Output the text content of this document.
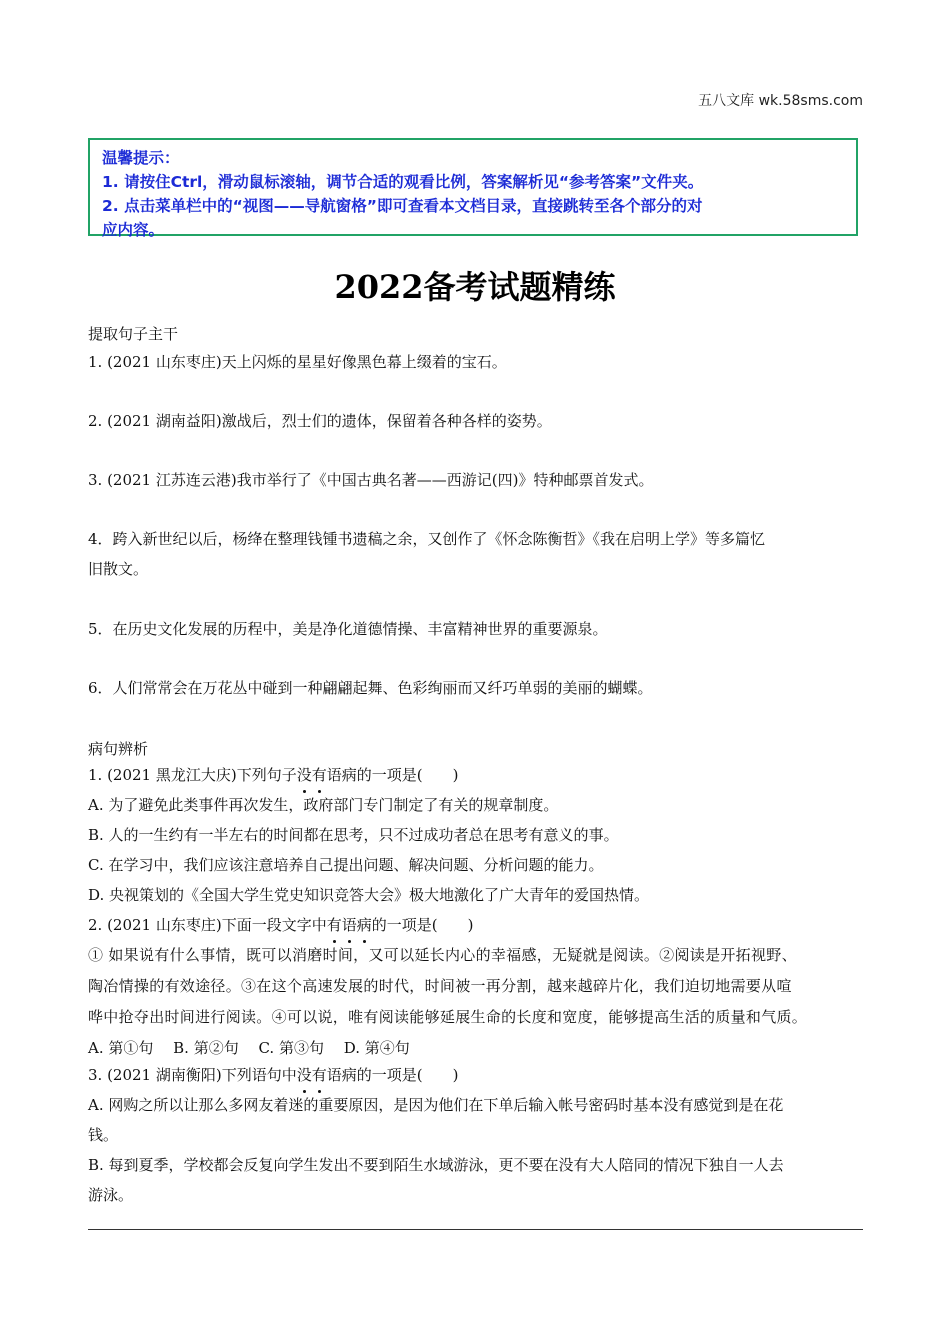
五八文库 wk.58sms.com
温馨提示：
1. 请按住Ctrl，滑动鼠标滚轴，调节合适的观看比例，答案解析见“参考答案”文件夹。
2. 点击菜单栏中的“视图——导航窗格”即可查看本文档目录，直接跳转至各个部分的对
应内容。
2022备考试题精练
提取句子主干
1. (2021 山东枣庄)天上闪烁的星星好像黑色幕上缀着的宝石。
2. (2021 湖南益阳)激战后，烈士们的遗体，保留着各种各样的姿势。
3. (2021 江苏连云港)我市举行了《中国古典名著——西游记(四)》特种邮票首发式。
4．跨入新世纪以后，杨绛在整理钱锺书遗稿之余，又创作了《怀念陈衡哲》《我在启明上学》等多篇忆
旧散文。
5．在历史文化发展的历程中，美是净化道德情操、丰富精神世界的重要源泉。
6．人们常常会在万花丛中碰到一种翩翩起舞、色彩绚丽而又纤巧单弱的美丽的蝴蝶。
病句辨析
1. (2021 黑龙江大庆)下列句子没有语病的一项是(　　)
A. 为了避免此类事件再次发生，政府部门专门制定了有关的规章制度。
B. 人的一生约有一半左右的时间都在思考，只不过成功者总在思考有意义的事。
C. 在学习中，我们应该注意培养自己提出问题、解决问题、分析问题的能力。
D. 央视策划的《全国大学生党史知识竞答大会》极大地激化了广大青年的爱国热情。
2. (2021 山东枣庄)下面一段文字中有语病的一项是(　　)
① 如果说有什么事情，既可以消磨时间，又可以延长内心的幸福感，无疑就是阅读。②阅读是开拓视野、
陶冶情操的有效途径。③在这个高速发展的时代，时间被一再分割，越来越碎片化，我们迫切地需要从喧
哗中抢夺出时间进行阅读。④可以说，唯有阅读能够延展生命的长度和宽度，能够提高生活的质量和气质。
A. 第①句　 B. 第②句　 C. 第③句　 D. 第④句
3. (2021 湖南衡阳)下列语句中没有语病的一项是(　　)
A. 网购之所以让那么多网友着迷的重要原因，是因为他们在下单后输入帐号密码时基本没有感觉到是在花
钱。
B. 每到夏季，学校都会反复向学生发出不要到陌生水域游泳，更不要在没有大人陪同的情况下独自一人去
游泳。
